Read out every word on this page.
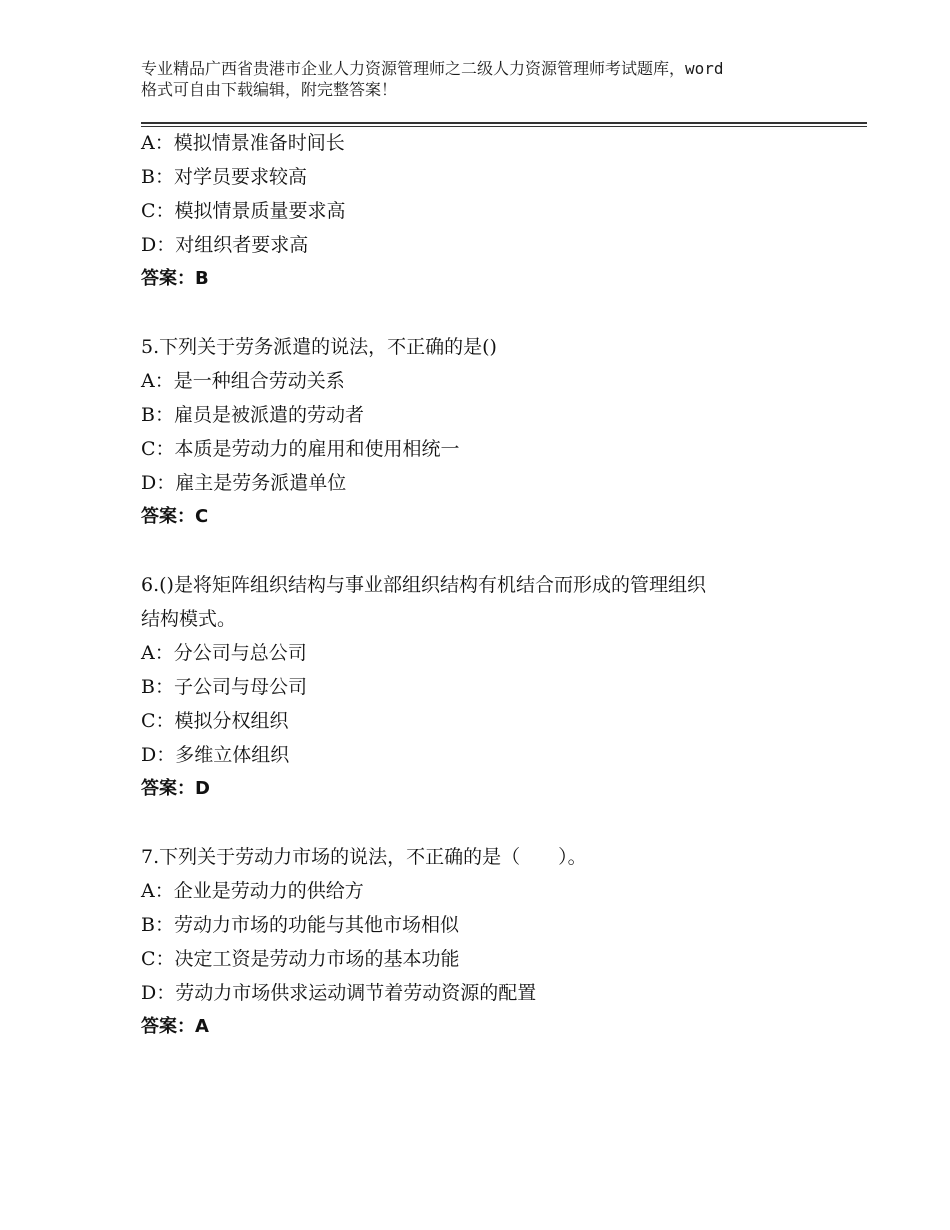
专业精品广西省贵港市企业人力资源管理师之二级人力资源管理师考试题库，word
格式可自由下载编辑，附完整答案！
A：模拟情景准备时间长
B：对学员要求较高
C：模拟情景质量要求高
D：对组织者要求高
答案：B
5.下列关于劳务派遣的说法，不正确的是()
A：是一种组合劳动关系
B：雇员是被派遣的劳动者
C：本质是劳动力的雇用和使用相统一
D：雇主是劳务派遣单位
答案：C
6.()是将矩阵组织结构与事业部组织结构有机结合而形成的管理组织
结构模式。
A：分公司与总公司
B：子公司与母公司
C：模拟分权组织
D：多维立体组织
答案：D
7.下列关于劳动力市场的说法，不正确的是（　　）。
A：企业是劳动力的供给方
B：劳动力市场的功能与其他市场相似
C：决定工资是劳动力市场的基本功能
D：劳动力市场供求运动调节着劳动资源的配置
答案：A
